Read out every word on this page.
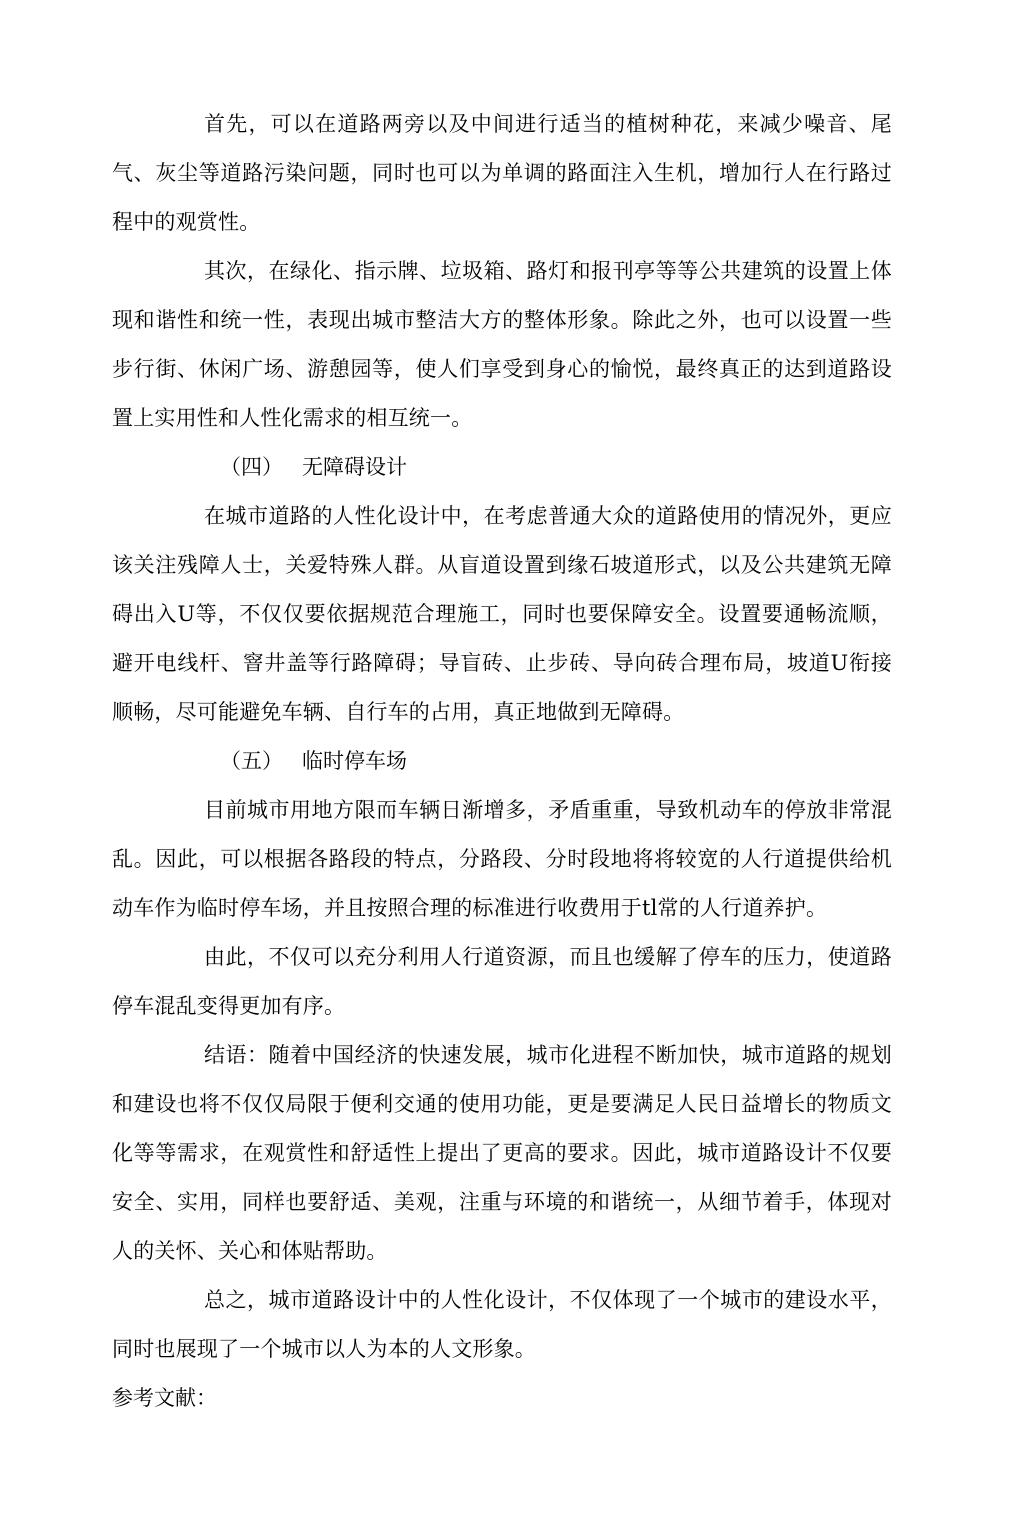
首先，可以在道路两旁以及中间进行适当的植树种花，来减少噪音、尾气、灰尘等道路污染问题，同时也可以为单调的路面注入生机，增加行人在行路过程中的观赏性。

其次，在绿化、指示牌、垃圾箱、路灯和报刊亭等等公共建筑的设置上体现和谐性和统一性，表现出城市整洁大方的整体形象。除此之外，也可以设置一些步行街、休闲广场、游憩园等，使人们享受到身心的愉悦，最终真正的达到道路设置上实用性和人性化需求的相互统一。

（四） 无障碍设计

在城市道路的人性化设计中，在考虑普通大众的道路使用的情况外，更应该关注残障人士，关爱特殊人群。从盲道设置到缘石坡道形式，以及公共建筑无障碍出入U等，不仅仅要依据规范合理施工，同时也要保障安全。设置要通畅流顺，避开电线杆、窨井盖等行路障碍；导盲砖、止步砖、导向砖合理布局，坡道U衔接顺畅，尽可能避免车辆、自行车的占用，真正地做到无障碍。

（五） 临时停车场

目前城市用地方限而车辆日渐增多，矛盾重重，导致机动车的停放非常混乱。因此，可以根据各路段的特点，分路段、分时段地将将较宽的人行道提供给机动车作为临时停车场，并且按照合理的标准进行收费用于tl常的人行道养护。

由此，不仅可以充分利用人行道资源，而且也缓解了停车的压力，使道路停车混乱变得更加有序。

结语：随着中国经济的快速发展，城市化进程不断加快，城市道路的规划和建设也将不仅仅局限于便利交通的使用功能，更是要满足人民日益增长的物质文化等等需求，在观赏性和舒适性上提出了更高的要求。因此，城市道路设计不仅要安全、实用，同样也要舒适、美观，注重与环境的和谐统一，从细节着手，体现对人的关怀、关心和体贴帮助。

总之，城市道路设计中的人性化设计，不仅体现了一个城市的建设水平， 同时也展现了一个城市以人为本的人文形象。

参考文献：
